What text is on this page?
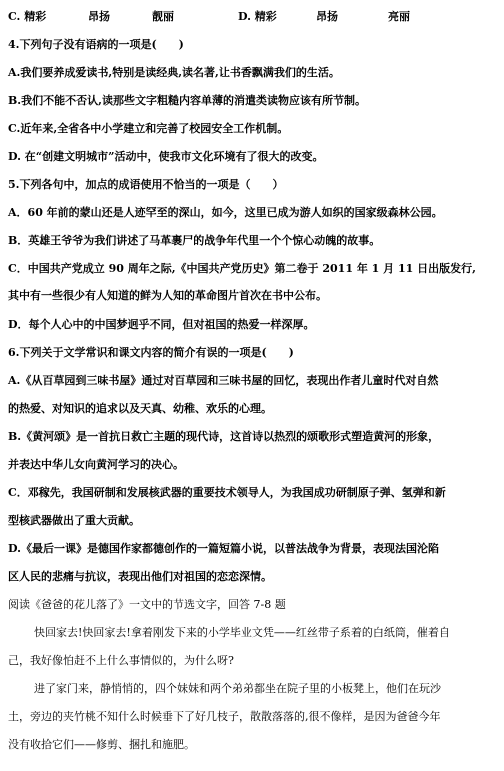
C. 精彩	昂扬	靓丽	D. 精彩	昂扬	亮丽
4.下列句子没有语病的一项是(　　)
A.我们要养成爱读书,特别是读经典,读名著,让书香飘满我们的生活。
B.我们不能不否认,读那些文字粗糙内容单薄的消遣类读物应该有所节制。
C.近年来,全省各中小学建立和完善了校园安全工作机制。
D. 在“创建文明城市”活动中，使我市文化环境有了很大的改变。
5.下列各句中，加点的成语使用不恰当的一项是（　　）
A．60 年前的蒙山还是人迹罕至的深山，如今，这里已成为游人如织的国家级森林公园。
B．英雄王爷爷为我们讲述了马革裹尸的战争年代里一个个惊心动魄的故事。
C．中国共产党成立 90 周年之际,《中国共产党历史》第二卷于 2011 年 1 月 11 日出版发行,
其中有一些很少有人知道的鲜为人知的革命图片首次在书中公布。
D．每个人心中的中国梦迥乎不同，但对祖国的热爱一样深厚。
6.下列关于文学常识和课文内容的简介有误的一项是(　　)
A.《从百草园到三味书屋》通过对百草园和三味书屋的回忆，表现出作者儿童时代对自然
的热爱、对知识的追求以及天真、幼稚、欢乐的心理。
B.《黄河颂》是一首抗日救亡主题的现代诗，这首诗以热烈的颂歌形式塑造黄河的形象，
并表达中华儿女向黄河学习的决心。
C．邓稼先，我国研制和发展核武器的重要技术领导人，为我国成功研制原子弹、氢弹和新
型核武器做出了重大贡献。
D.《最后一课》是德国作家都德创作的一篇短篇小说，以普法战争为背景，表现法国沦陷
区人民的悲痛与抗议，表现出他们对祖国的恋恋深情。
阅读《爸爸的花儿落了》一文中的节选文字，回答 7-8 题
快回家去!快回家去!拿着刚发下来的小学毕业文凭——红丝带子系着的白纸筒，催着自
己，我好像怕赶不上什么事情似的，为什么呀?
进了家门来，静悄悄的，四个妹妹和两个弟弟都坐在院子里的小板凳上，他们在玩沙
土，旁边的夹竹桃不知什么时候垂下了好几枝子，散散落落的,很不像样，是因为爸爸今年
没有收拾它们——修剪、捆扎和施肥。
